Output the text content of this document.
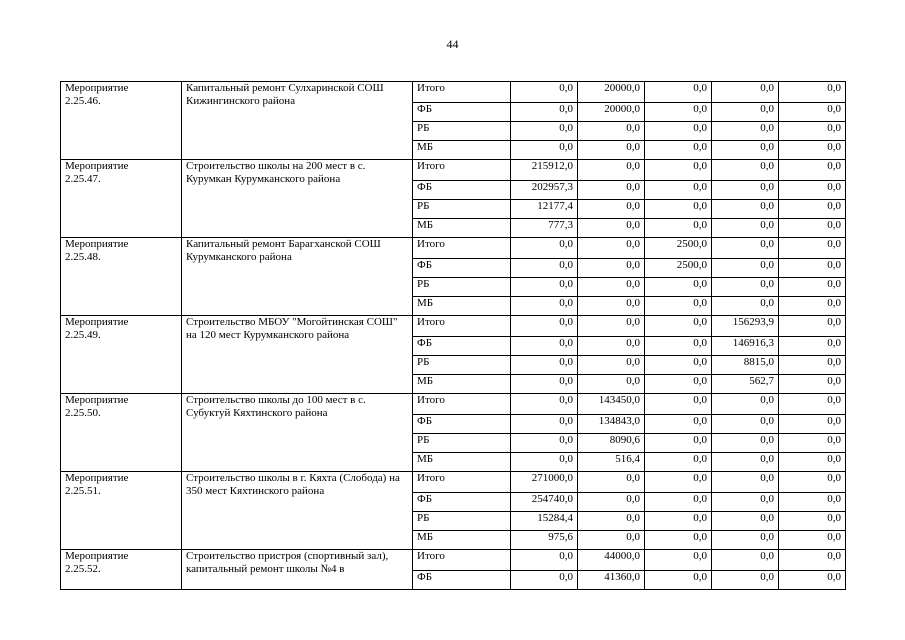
44
Мероприятие
2.25.46.	Капитальный ремонт Сулхаринской СОШ Кижингинского района	Итого	0,0	20000,0	0,0	0,0	0,0
		ФБ	0,0	20000,0	0,0	0,0	0,0
		РБ	0,0	0,0	0,0	0,0	0,0
		МБ	0,0	0,0	0,0	0,0	0,0
Мероприятие
2.25.47.	Строительство школы на 200 мест в с. Курумкан Курумканского района	Итого	215912,0	0,0	0,0	0,0	0,0
		ФБ	202957,3	0,0	0,0	0,0	0,0
		РБ	12177,4	0,0	0,0	0,0	0,0
		МБ	777,3	0,0	0,0	0,0	0,0
Мероприятие
2.25.48.	Капитальный ремонт Барагханской СОШ Курумканского района	Итого	0,0	0,0	2500,0	0,0	0,0
		ФБ	0,0	0,0	2500,0	0,0	0,0
		РБ	0,0	0,0	0,0	0,0	0,0
		МБ	0,0	0,0	0,0	0,0	0,0
Мероприятие
2.25.49.	Строительство МБОУ "Могойтинская СОШ" на 120 мест Курумканского района	Итого	0,0	0,0	0,0	156293,9	0,0
		ФБ	0,0	0,0	0,0	146916,3	0,0
		РБ	0,0	0,0	0,0	8815,0	0,0
		МБ	0,0	0,0	0,0	562,7	0,0
Мероприятие
2.25.50.	Строительство школы до 100 мест в с. Субуктуй Кяхтинского района	Итого	0,0	143450,0	0,0	0,0	0,0
		ФБ	0,0	134843,0	0,0	0,0	0,0
		РБ	0,0	8090,6	0,0	0,0	0,0
		МБ	0,0	516,4	0,0	0,0	0,0
Мероприятие
2.25.51.	Строительство школы в г. Кяхта (Слобода) на 350 мест Кяхтинского района	Итого	271000,0	0,0	0,0	0,0	0,0
		ФБ	254740,0	0,0	0,0	0,0	0,0
		РБ	15284,4	0,0	0,0	0,0	0,0
		МБ	975,6	0,0	0,0	0,0	0,0
Мероприятие
2.25.52.	Строительство пристроя (спортивный зал), капитальный ремонт школы №4 в	Итого	0,0	44000,0	0,0	0,0	0,0
		ФБ	0,0	41360,0	0,0	0,0	0,0
